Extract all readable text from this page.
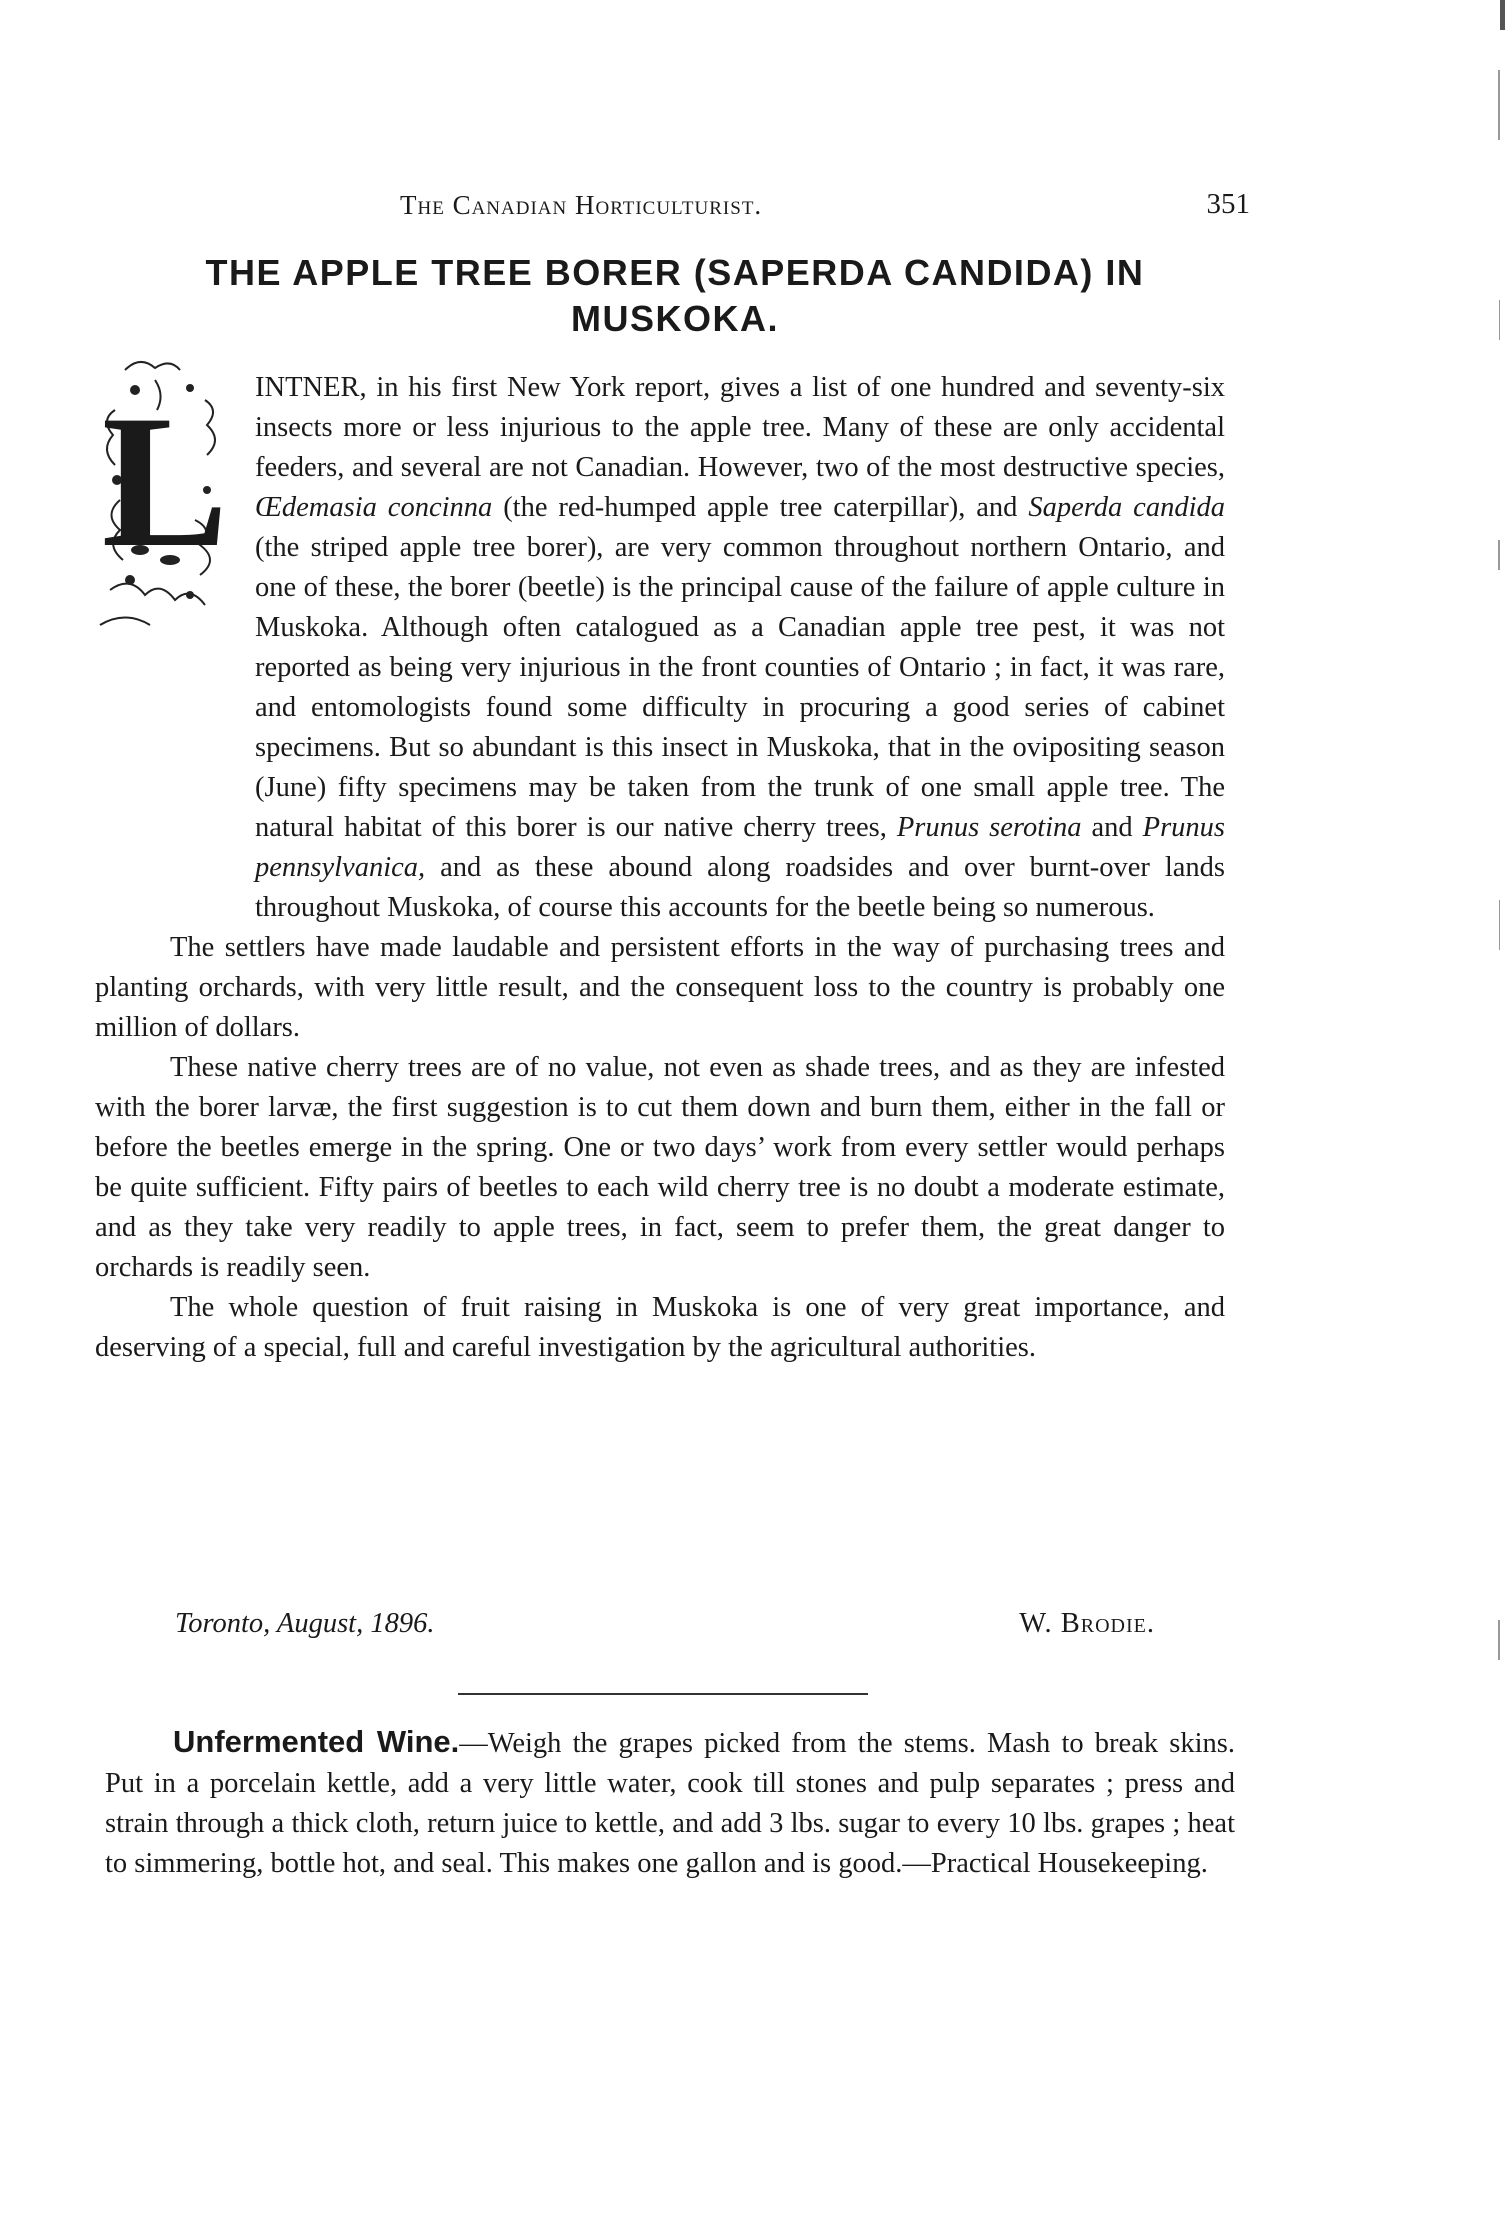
The Canadian Horticulturist.	351
THE APPLE TREE BORER (SAPERDA CANDIDA) IN MUSKOKA.
L INTNER, in his first New York report, gives a list of one hundred and seventy-six insects more or less injurious to the apple tree. Many of these are only accidental feeders, and several are not Canadian. However, two of the most destructive species, Œdemasia concinna (the red-humped apple tree caterpillar), and Saperda candida (the striped apple tree borer), are very common throughout northern Ontario, and one of these, the borer (beetle) is the principal cause of the failure of apple culture in Muskoka. Although often catalogued as a Canadian apple tree pest, it was not reported as being very injurious in the front counties of Ontario ; in fact, it was rare, and entomologists found some difficulty in procuring a good series of cabinet specimens. But so abundant is this insect in Muskoka, that in the ovipositing season (June) fifty specimens may be taken from the trunk of one small apple tree. The natural habitat of this borer is our native cherry trees, Prunus serotina and Prunus pennsylvanica, and as these abound along roadsides and over burnt-over lands throughout Muskoka, of course this accounts for the beetle being so numerous.

The settlers have made laudable and persistent efforts in the way of purchasing trees and planting orchards, with very little result, and the consequent loss to the country is probably one million of dollars.

These native cherry trees are of no value, not even as shade trees, and as they are infested with the borer larvæ, the first suggestion is to cut them down and burn them, either in the fall or before the beetles emerge in the spring. One or two days’ work from every settler would perhaps be quite sufficient. Fifty pairs of beetles to each wild cherry tree is no doubt a moderate estimate, and as they take very readily to apple trees, in fact, seem to prefer them, the great danger to orchards is readily seen.

The whole question of fruit raising in Muskoka is one of very great importance, and deserving of a special, full and careful investigation by the agricultural authorities.

Toronto, August, 1896.	W. Brodie.

Unfermented Wine.—Weigh the grapes picked from the stems. Mash to break skins. Put in a porcelain kettle, add a very little water, cook till stones and pulp separates ; press and strain through a thick cloth, return juice to kettle, and add 3 lbs. sugar to every 10 lbs. grapes ; heat to simmering, bottle hot, and seal. This makes one gallon and is good.—Practical Housekeeping.
